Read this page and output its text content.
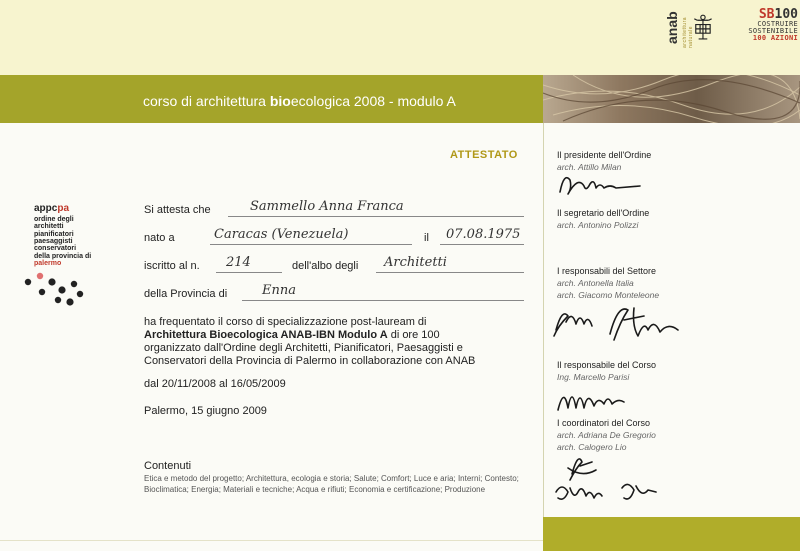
anab architettura naturale
SB100
COSTRUIRE
SOSTENIBILE
100 AZIONI
corso di architettura bioecologica 2008 - modulo A
ATTESTATO
appcpa
ordine degli
architetti
pianificatori
paesaggisti
conservatori
della provincia di
palermo
Si attesta che	Sammello Anna Franca
nato a	Caracas (Venezuela)	il 07.08.1975
iscritto al n. 214	dell'albo degli Architetti
della Provincia di	Enna
ha frequentato il corso di specializzazione post-lauream di
Architettura Bioecologica ANAB-IBN Modulo A di ore 100
organizzato dall'Ordine degli Architetti, Pianificatori, Paesaggisti e
Conservatori della Provincia di Palermo in collaborazione con ANAB
dal 20/11/2008 al 16/05/2009
Palermo, 15 giugno 2009
Contenuti
Etica e metodo del progetto; Architettura, ecologia e storia; Salute; Comfort; Luce e aria; Interni; Contesto; Bioclimatica; Energia; Materiali e tecniche; Acqua e rifiuti; Economia e certificazione; Produzione
Il presidente dell'Ordine
arch. Attillo Milan
Il segretario dell'Ordine
arch. Antonino Polizzi
I responsabili del Settore
arch. Antonella Italia
arch. Giacomo Monteleone
Il responsabile del Corso
Ing. Marcello Parisi
I coordinatori del Corso
arch. Adriana De Gregorio
arch. Calogero Lio
